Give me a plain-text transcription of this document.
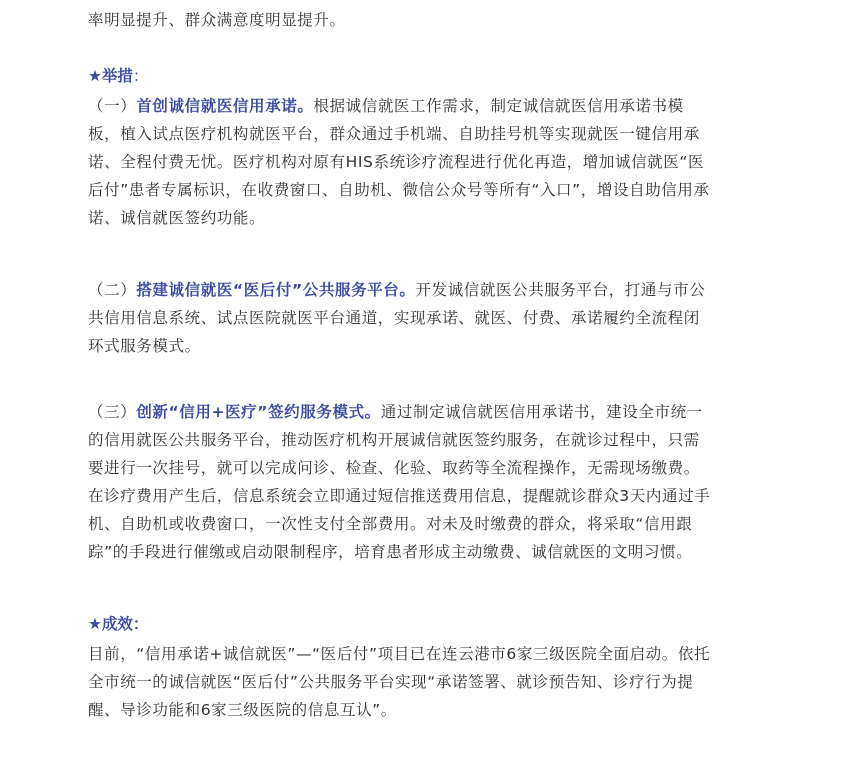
率明显提升、群众满意度明显提升。
★举措：
（一）首创诚信就医信用承诺。根据诚信就医工作需求，制定诚信就医信用承诺书模
板，植入试点医疗机构就医平台，群众通过手机端、自助挂号机等实现就医一键信用承
诺、全程付费无忧。医疗机构对原有HIS系统诊疗流程进行优化再造，增加诚信就医“医
后付”患者专属标识，在收费窗口、自助机、微信公众号等所有“入口”，增设自助信用承
诺、诚信就医签约功能。
（二）搭建诚信就医“医后付”公共服务平台。开发诚信就医公共服务平台，打通与市公
共信用信息系统、试点医院就医平台通道，实现承诺、就医、付费、承诺履约全流程闭
环式服务模式。
（三）创新“信用+医疗”签约服务模式。通过制定诚信就医信用承诺书，建设全市统一
的信用就医公共服务平台，推动医疗机构开展诚信就医签约服务，在就诊过程中，只需
要进行一次挂号，就可以完成问诊、检查、化验、取药等全流程操作，无需现场缴费。
在诊疗费用产生后，信息系统会立即通过短信推送费用信息，提醒就诊群众3天内通过手
机、自助机或收费窗口，一次性支付全部费用。对未及时缴费的群众，将采取“信用跟
踪”的手段进行催缴或启动限制程序，培育患者形成主动缴费、诚信就医的文明习惯。
★成效：
目前，“信用承诺+诚信就医”—“医后付”项目已在连云港市6家三级医院全面启动。依托
全市统一的诚信就医“医后付”公共服务平台实现“承诺签署、就诊预告知、诊疗行为提
醒、导诊功能和6家三级医院的信息互认”。
